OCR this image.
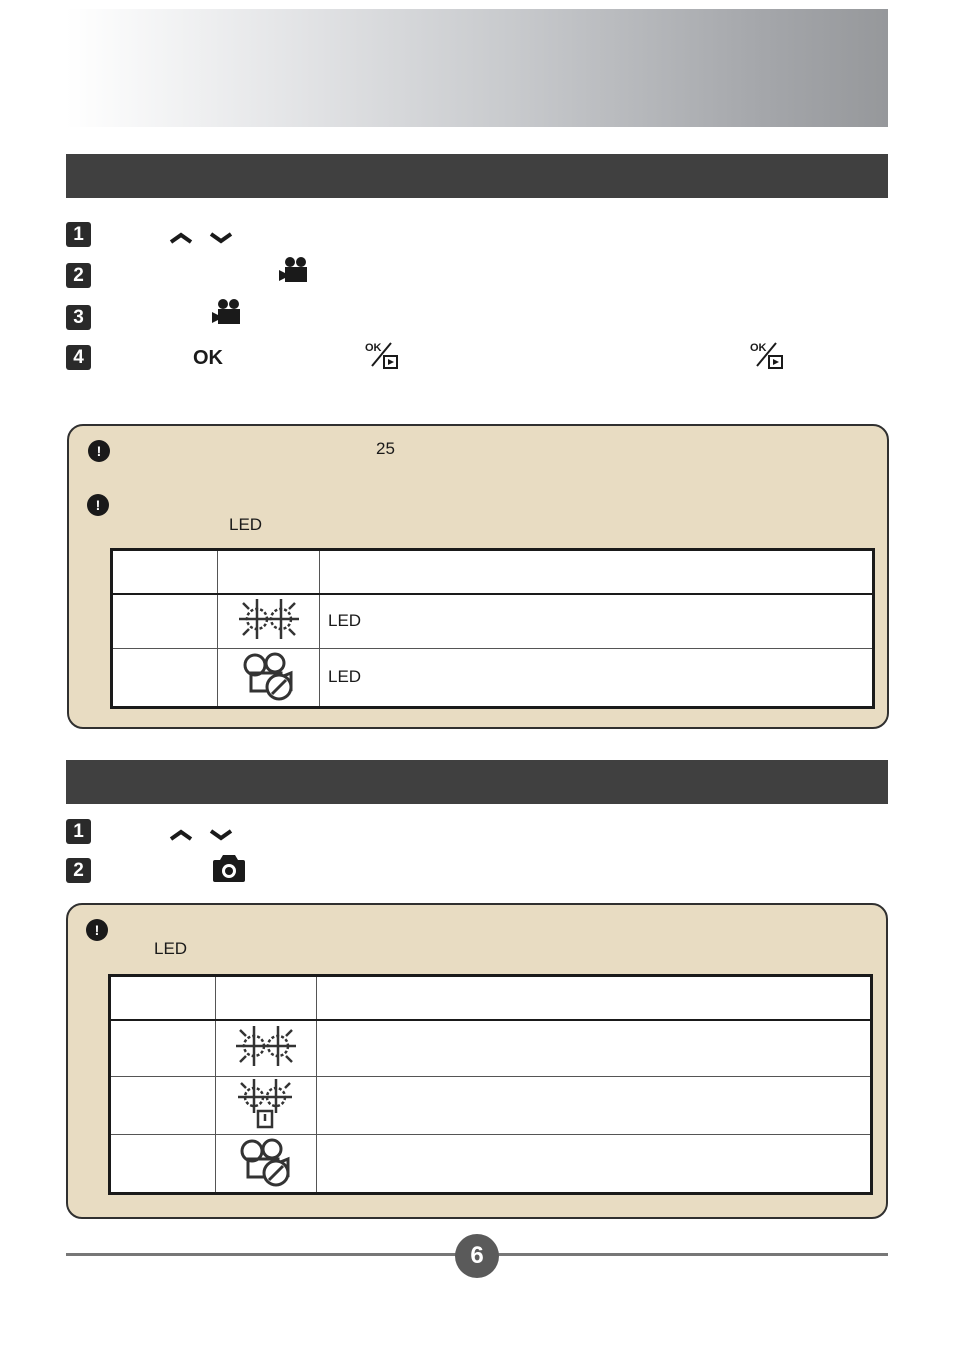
1
2
3
4	OK	OK	OK
!	25
!
LED

		LED
		LED
1
2
!
LED

6
